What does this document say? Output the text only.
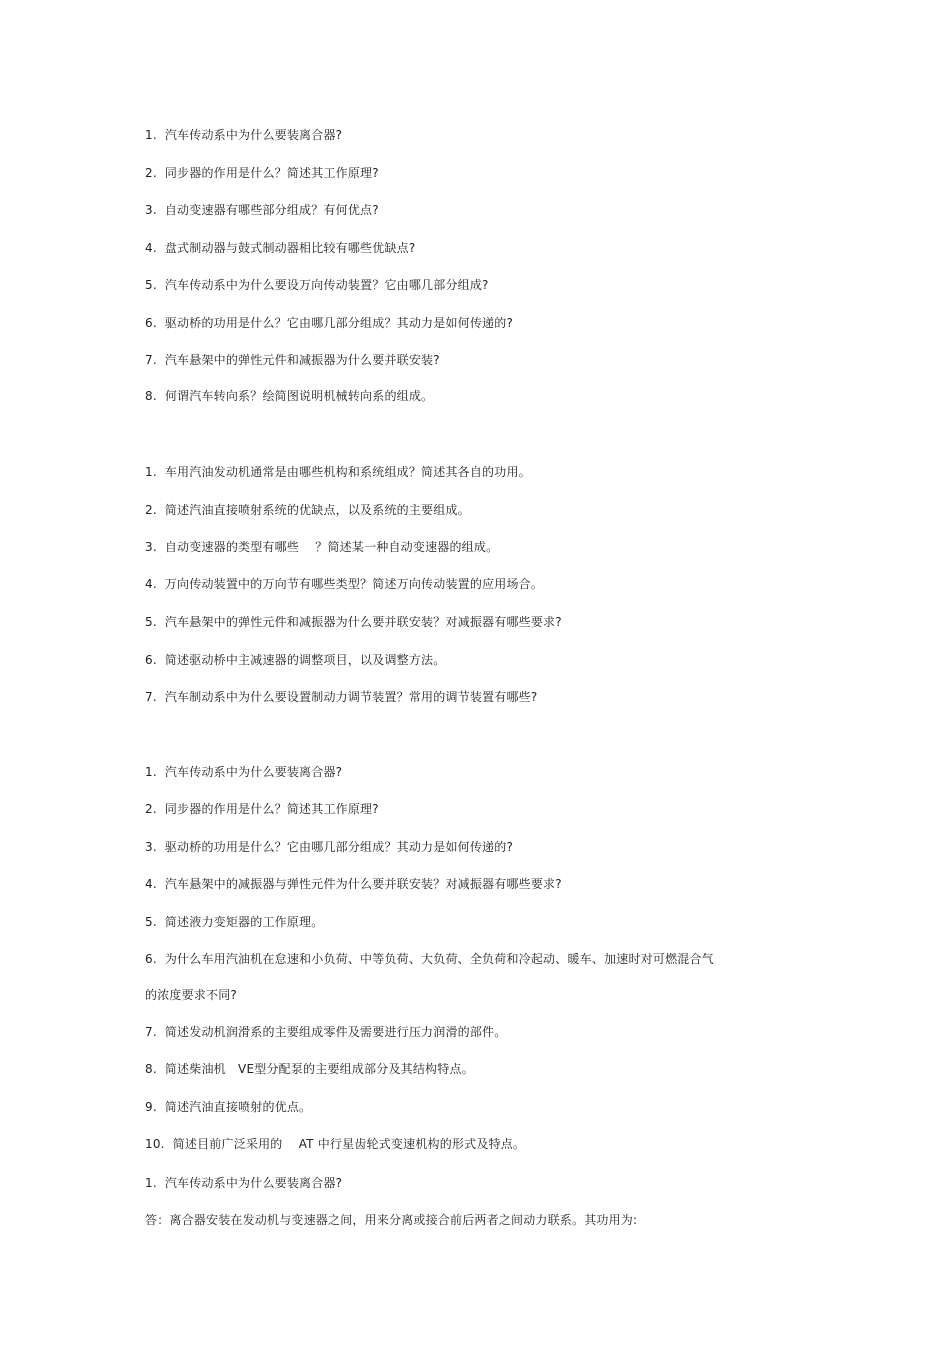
1. 汽车传动系中为什么要装离合器?
2. 同步器的作用是什么？简述其工作原理?
3. 自动变速器有哪些部分组成？有何优点?
4. 盘式制动器与鼓式制动器相比较有哪些优缺点?
5. 汽车传动系中为什么要设万向传动装置？它由哪几部分组成?
6. 驱动桥的功用是什么？它由哪几部分组成？其动力是如何传递的?
7. 汽车悬架中的弹性元件和减振器为什么要并联安装?
8. 何谓汽车转向系？绘简图说明机械转向系的组成。
1. 车用汽油发动机通常是由哪些机构和系统组成？简述其各自的功用。
2. 简述汽油直接喷射系统的优缺点，以及系统的主要组成。
3. 自动变速器的类型有哪些　 ？简述某一种自动变速器的组成。
4. 万向传动装置中的万向节有哪些类型？简述万向传动装置的应用场合。
5. 汽车悬架中的弹性元件和减振器为什么要并联安装？对减振器有哪些要求?
6. 简述驱动桥中主减速器的调整项目，以及调整方法。
7. 汽车制动系中为什么要设置制动力调节装置？常用的调节装置有哪些?
1. 汽车传动系中为什么要装离合器?
2. 同步器的作用是什么？简述其工作原理?
3. 驱动桥的功用是什么？它由哪几部分组成？其动力是如何传递的?
4. 汽车悬架中的减振器与弹性元件为什么要并联安装？对减振器有哪些要求?
5. 简述液力变矩器的工作原理。
6. 为什么车用汽油机在怠速和小负荷、中等负荷、大负荷、全负荷和冷起动、暖车、加速时对可燃混合气
的浓度要求不同?
7. 简述发动机润滑系的主要组成零件及需要进行压力润滑的部件。
8. 简述柴油机　VE型分配泵的主要组成部分及其结构特点。
9. 简述汽油直接喷射的优点。
10. 简述目前广泛采用的　 AT 中行星齿轮式变速机构的形式及特点。
1. 汽车传动系中为什么要装离合器?
答：离合器安装在发动机与变速器之间，用来分离或接合前后两者之间动力联系。其功用为:
